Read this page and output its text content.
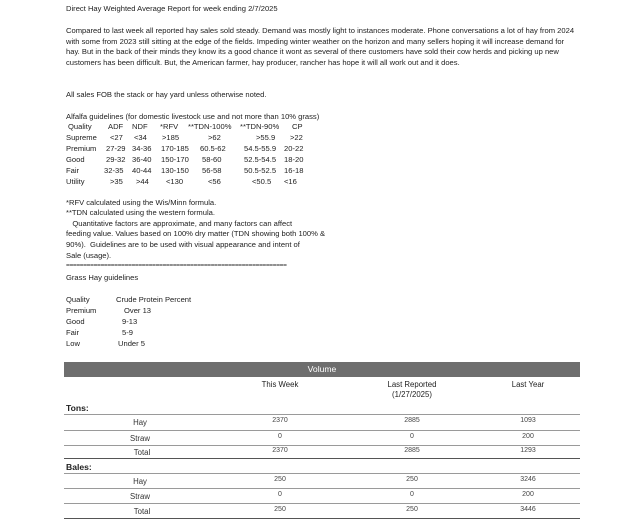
Direct Hay Weighted Average Report for week ending 2/7/2025
Compared to last week all reported hay sales sold steady. Demand was mostly light to instances moderate. Phone conversations a lot of hay from 2024 with some from 2023 still sitting at the edge of the fields. Impeding winter weather on the horizon and many sellers hoping it will increase demand for hay. But in the back of their minds they know its a good chance it wont as several of there customers have sold their cow herds and picking up new customers has been difficult. But, the American farmer, hay producer, rancher has hope it will all work out and it does.
All sales FOB the stack or hay yard unless otherwise noted.
Alfalfa guidelines (for domestic livestock use and not more than 10% grass)
Quality ADF NDF *RFV **TDN-100% **TDN-90% CP
Supreme <27 <34 >185	>62	>55.9 >22
Premium 27-29 34-36 170-185 60.5-62 54.5-55.9 20-22
Good	29-32 36-40 150-170 58-60	52.5-54.5 18-20
Fair	32-35 40-44 130-150 56-58	50.5-52.5 16-18
Utility	>35 >44 <130	<56	<50.5 <16
*RFV calculated using the Wis/Minn formula.
**TDN calculated using the western formula.
Quantitative factors are approximate, and many factors can affect
feeding value. Values based on 100% dry matter (TDN showing both 100% &
90%).  Guidelines are to be used with visual appearance and intent of
Sale (usage).
================================================================
Grass Hay guidelines
Quality	Crude Protein Percent
Premium	Over 13
Good	9-13
Fair	5-9
Low	Under 5
Volume
This Week	Last Reported
(1/27/2025)
Last Year
Tons:
Hay	2370	2885	1093
Straw	0	0	200
Total	2370	2885	1293
Bales:
Hay	250	250	3246
Straw	0	0	200
Total	250	250	3446
